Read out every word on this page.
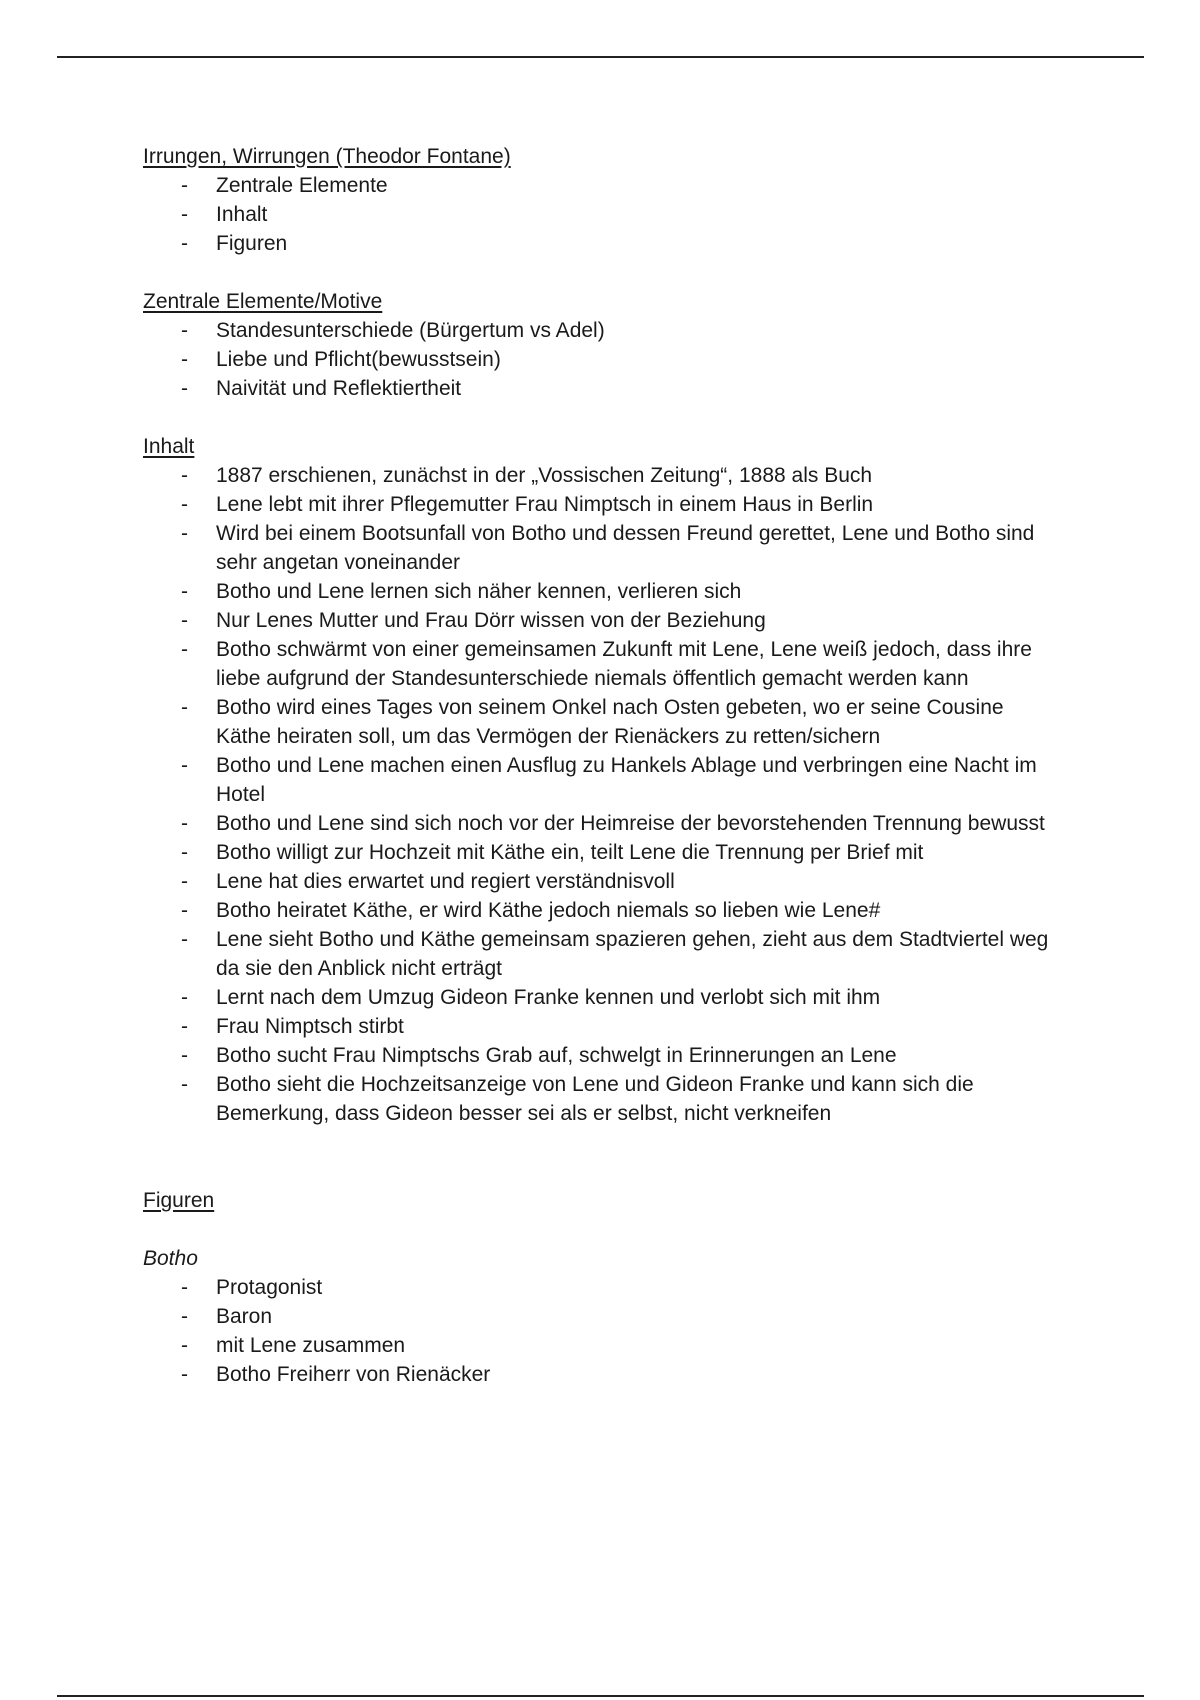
Irrungen, Wirrungen (Theodor Fontane)

- Zentrale Elemente
- Inhalt
- Figuren

Zentrale Elemente/Motive

- Standesunterschiede (Bürgertum vs Adel)
- Liebe und Pflicht(bewusstsein)
- Naivität und Reflektiertheit

Inhalt

- 1887 erschienen, zunächst in der „Vossischen Zeitung“, 1888 als Buch
- Lene lebt mit ihrer Pflegemutter Frau Nimptsch in einem Haus in Berlin
- Wird bei einem Bootsunfall von Botho und dessen Freund gerettet, Lene und Botho sind sehr angetan voneinander
- Botho und Lene lernen sich näher kennen, verlieren sich
- Nur Lenes Mutter und Frau Dörr wissen von der Beziehung
- Botho schwärmt von einer gemeinsamen Zukunft mit Lene, Lene weiß jedoch, dass ihre liebe aufgrund der Standesunterschiede niemals öffentlich gemacht werden kann
- Botho wird eines Tages von seinem Onkel nach Osten gebeten, wo er seine Cousine Käthe heiraten soll, um das Vermögen der Rienäckers zu retten/sichern
- Botho und Lene machen einen Ausflug zu Hankels Ablage und verbringen eine Nacht im Hotel
- Botho und Lene sind sich noch vor der Heimreise der bevorstehenden Trennung bewusst
- Botho willigt zur Hochzeit mit Käthe ein, teilt Lene die Trennung per Brief mit
- Lene hat dies erwartet und regiert verständnisvoll
- Botho heiratet Käthe, er wird Käthe jedoch niemals so lieben wie Lene#
- Lene sieht Botho und Käthe gemeinsam spazieren gehen, zieht aus dem Stadtviertel weg da sie den Anblick nicht erträgt
- Lernt nach dem Umzug Gideon Franke kennen und verlobt sich mit ihm
- Frau Nimptsch stirbt
- Botho sucht Frau Nimptschs Grab auf, schwelgt in Erinnerungen an Lene
- Botho sieht die Hochzeitsanzeige von Lene und Gideon Franke und kann sich die Bemerkung, dass Gideon besser sei als er selbst, nicht verkneifen

Figuren

Botho

- Protagonist
- Baron
- mit Lene zusammen
- Botho Freiherr von Rienäcker
